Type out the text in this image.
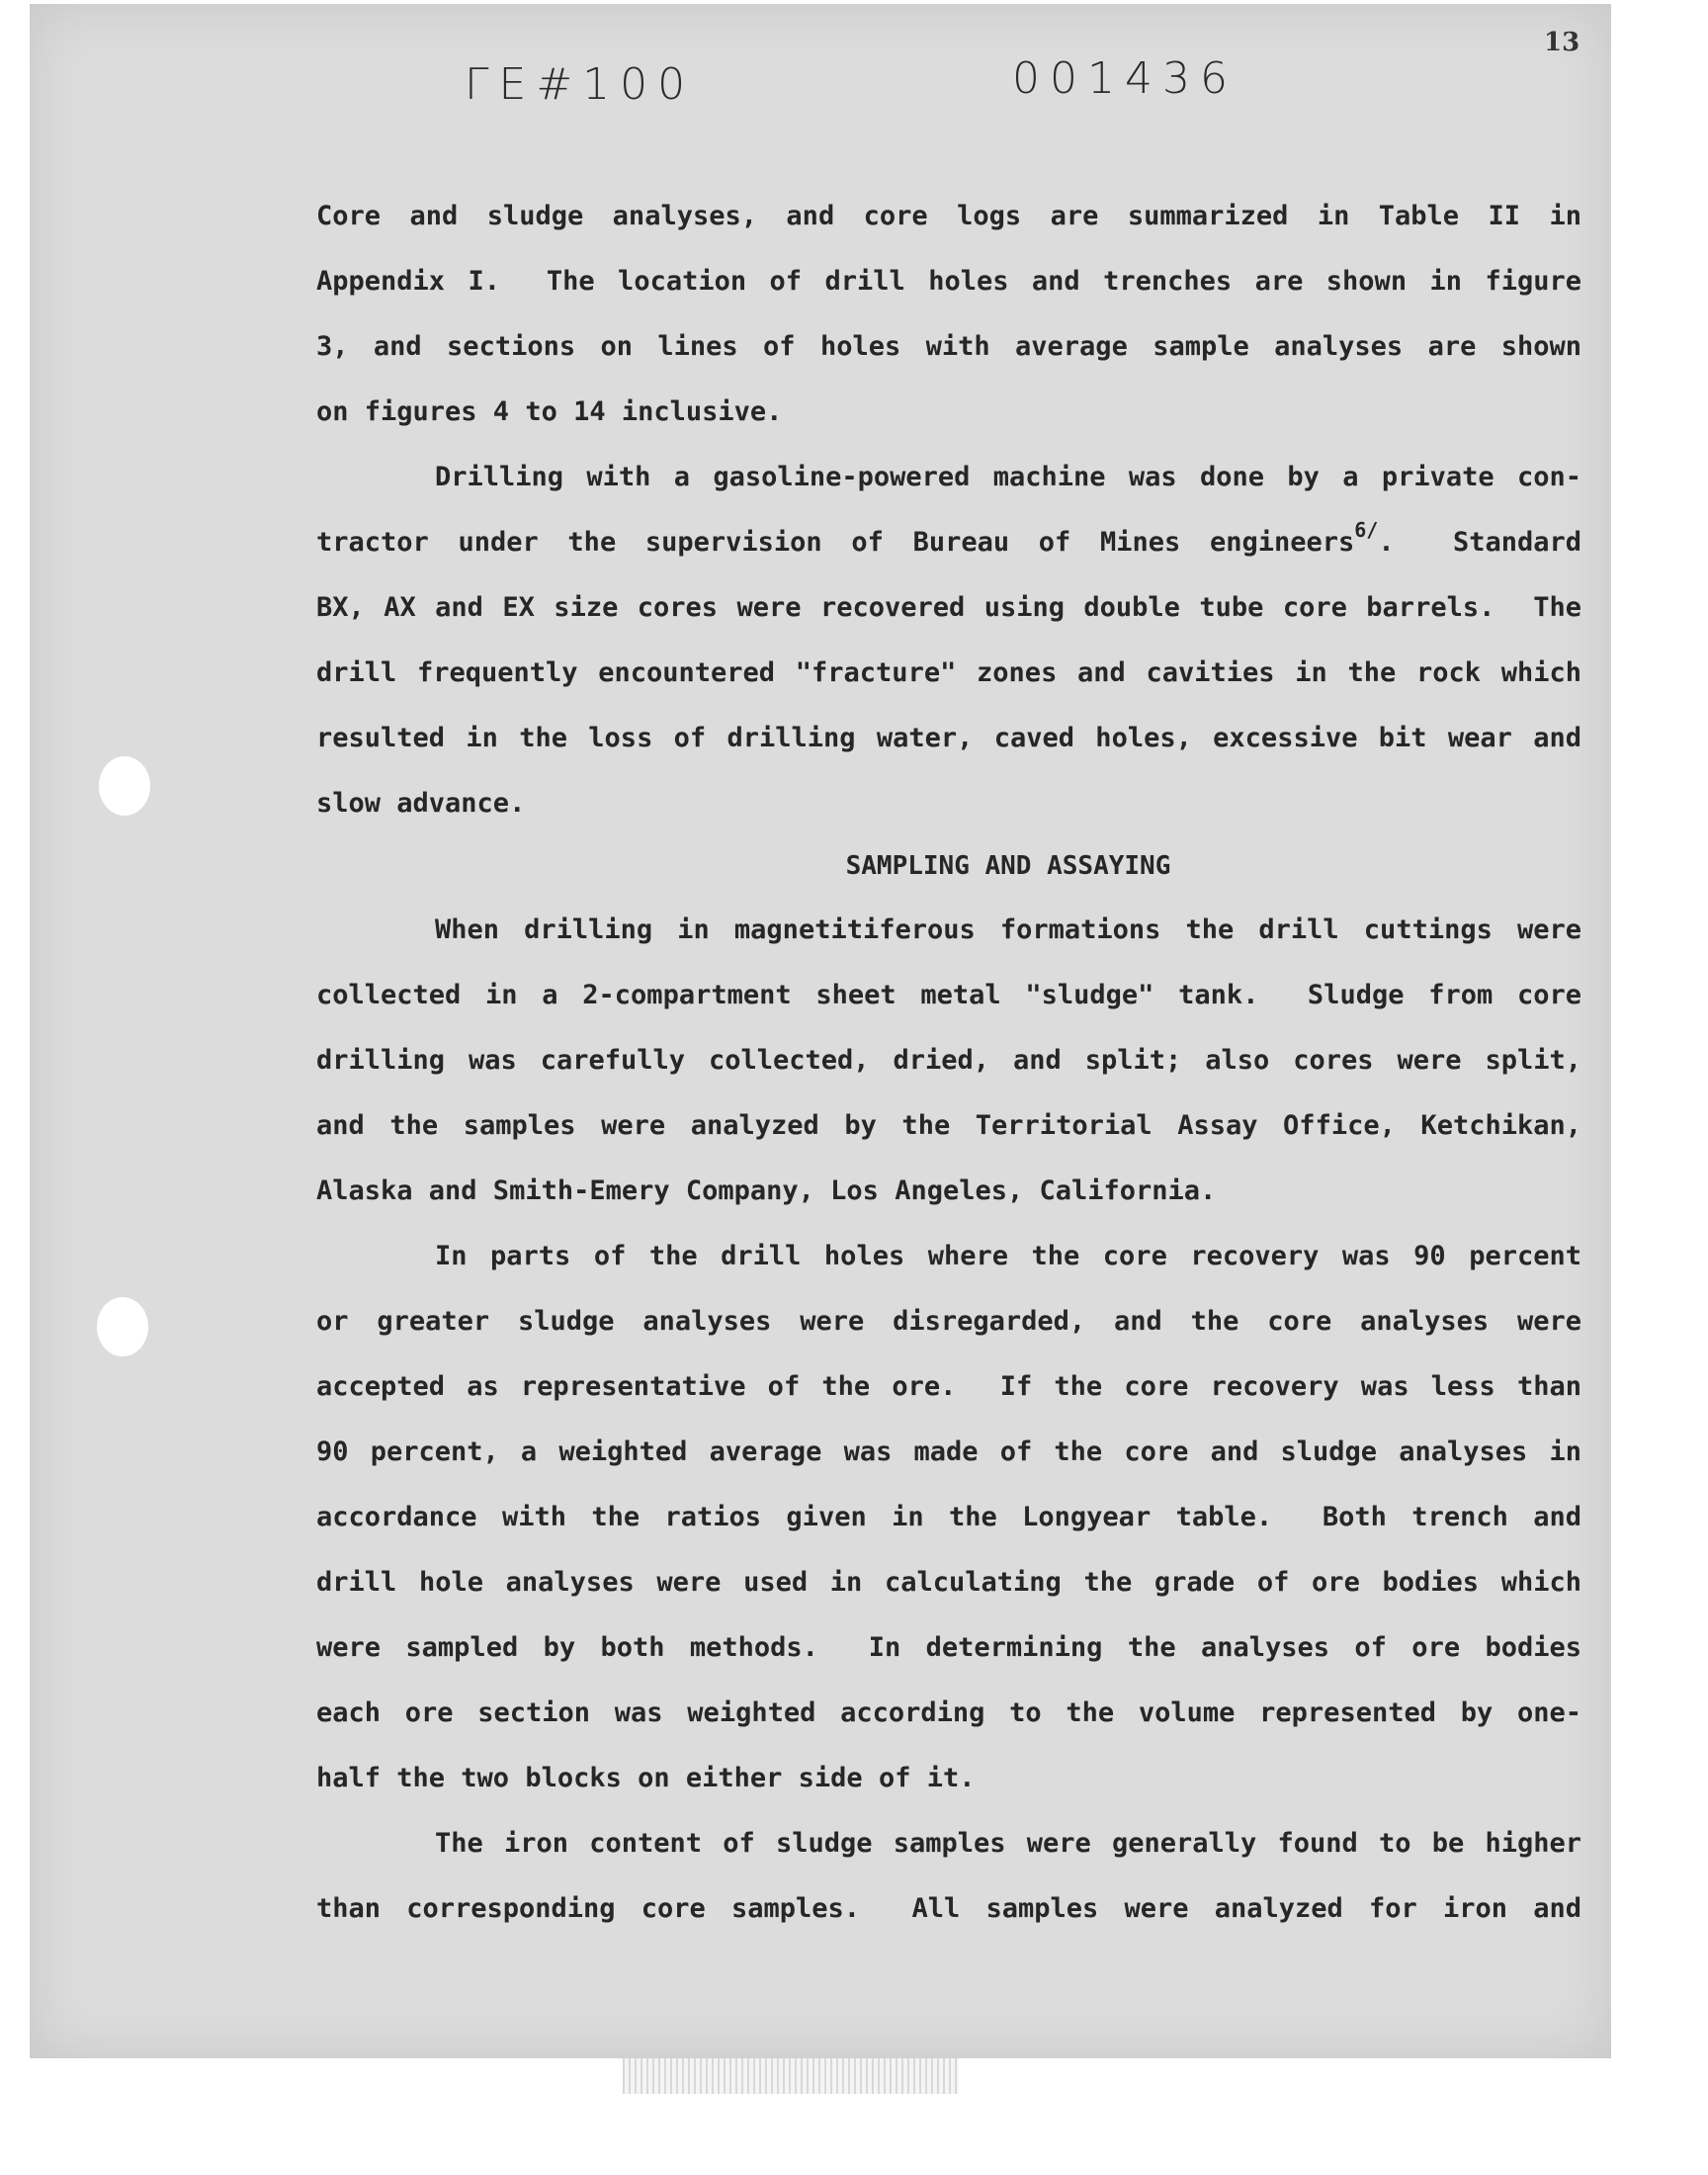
ΓΕ#100	001436
13

Core and sludge analyses, and core logs are summarized in Table II in
Appendix I.  The location of drill holes and trenches are shown in figure
3, and sections on lines of holes with average sample analyses are shown
on figures 4 to 14 inclusive.

Drilling with a gasoline-powered machine was done by a private con-
tractor under the supervision of Bureau of Mines engineers$^{6/}$.  Standard
BX, AX and EX size cores were recovered using double tube core barrels.  The
drill frequently encountered "fracture" zones and cavities in the rock which
resulted in the loss of drilling water, caved holes, excessive bit wear and
slow advance.

SAMPLING AND ASSAYING

When drilling in magnetitiferous formations the drill cuttings were
collected in a 2-compartment sheet metal "sludge" tank.  Sludge from core
drilling was carefully collected, dried, and split; also cores were split,
and the samples were analyzed by the Territorial Assay Office, Ketchikan,
Alaska and Smith-Emery Company, Los Angeles, California.

In parts of the drill holes where the core recovery was 90 percent
or greater sludge analyses were disregarded, and the core analyses were
accepted as representative of the ore.  If the core recovery was less than
90 percent, a weighted average was made of the core and sludge analyses in
accordance with the ratios given in the Longyear table.  Both trench and
drill hole analyses were used in calculating the grade of ore bodies which
were sampled by both methods.  In determining the analyses of ore bodies
each ore section was weighted according to the volume represented by one-
half the two blocks on either side of it.

The iron content of sludge samples were generally found to be higher
than corresponding core samples.  All samples were analyzed for iron and
